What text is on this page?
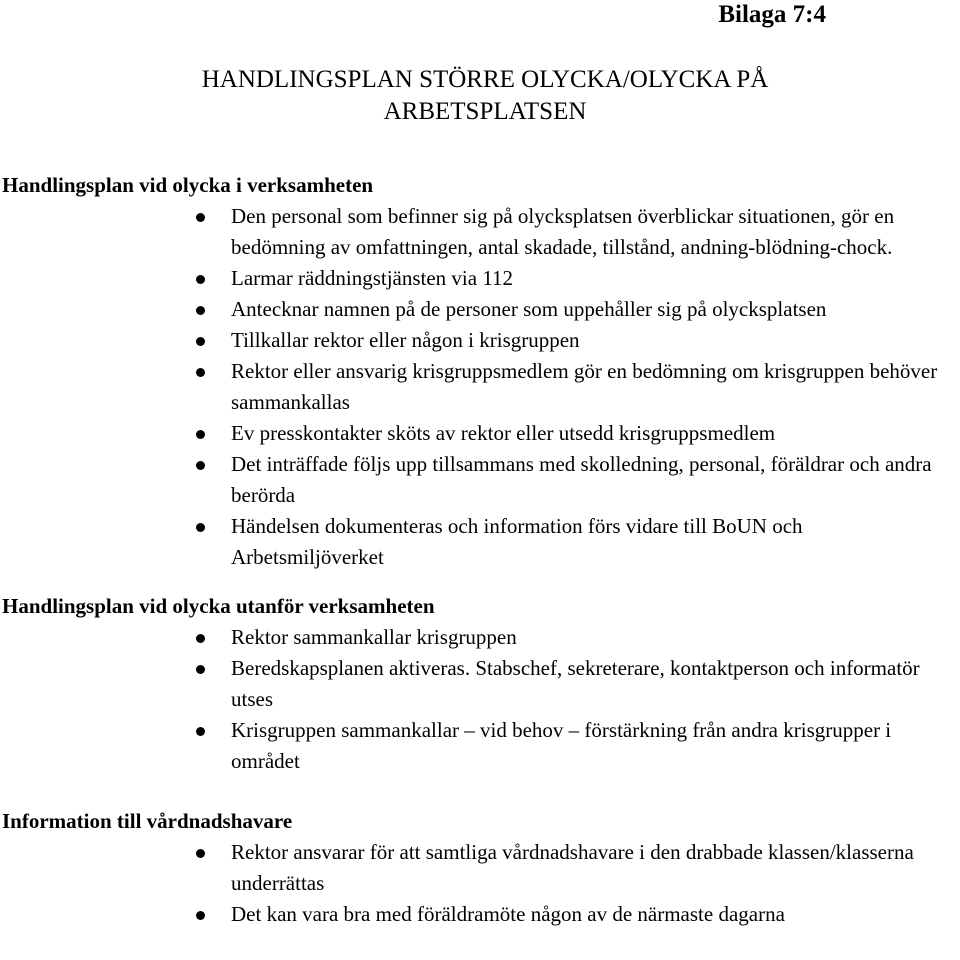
Bilaga 7:4

HANDLINGSPLAN STÖRRE OLYCKA/OLYCKA PÅ
ARBETSPLATSEN
Handlingsplan vid olycka i verksamheten
Den personal som befinner sig på olycksplatsen överblickar situationen, gör en bedömning av omfattningen, antal skadade, tillstånd, andning-blödning-chock.
Larmar räddningstjänsten via 112
Antecknar namnen på de personer som uppehåller sig på olycksplatsen
Tillkallar rektor eller någon i krisgruppen
Rektor eller ansvarig krisgruppsmedlem gör en bedömning om krisgruppen behöver sammankallas
Ev presskontakter sköts av rektor eller utsedd krisgruppsmedlem
Det inträffade följs upp tillsammans med skolledning, personal, föräldrar och andra berörda
Händelsen dokumenteras och information förs vidare till BoUN och Arbetsmiljöverket
Handlingsplan vid olycka utanför verksamheten
Rektor sammankallar krisgruppen
Beredskapsplanen aktiveras. Stabschef, sekreterare, kontaktperson och informatör utses
Krisgruppen sammankallar – vid behov – förstärkning från andra krisgrupper i området
Information till vårdnadshavare
Rektor ansvarar för att samtliga vårdnadshavare i den drabbade klassen/klasserna underrättas
Det kan vara bra med föräldramöte någon av de närmaste dagarna
